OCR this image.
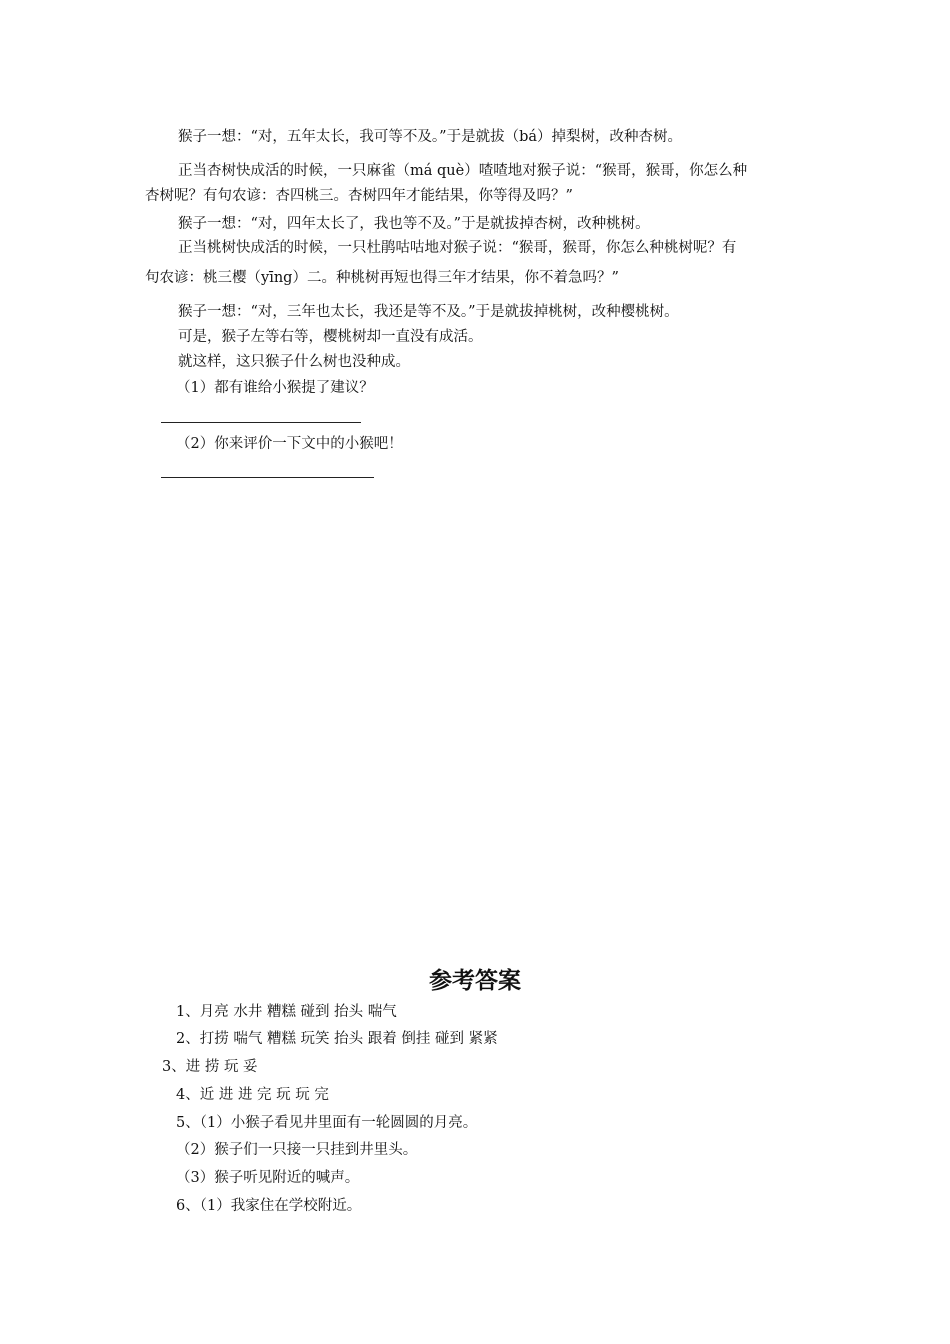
猴子一想：“对，五年太长，我可等不及。”于是就拔（bá）掉梨树，改种杏树。
正当杏树快成活的时候，一只麻雀（má què）喳喳地对猴子说：“猴哥，猴哥，你怎么种
杏树呢？有句农谚：杏四桃三。杏树四年才能结果，你等得及吗？”
猴子一想：“对，四年太长了，我也等不及。”于是就拔掉杏树，改种桃树。
正当桃树快成活的时候，一只杜鹃咕咕地对猴子说：“猴哥，猴哥，你怎么种桃树呢？有
句农谚：桃三樱（yīng）二。种桃树再短也得三年才结果，你不着急吗？”
猴子一想：“对，三年也太长，我还是等不及。”于是就拔掉桃树，改种樱桃树。
可是，猴子左等右等，樱桃树却一直没有成活。
就这样，这只猴子什么树也没种成。
（1）都有谁给小猴提了建议？
（2）你来评价一下文中的小猴吧！
参考答案
1、月亮 水井 糟糕 碰到 抬头 喘气
2、打捞 喘气 糟糕 玩笑 抬头 跟着 倒挂 碰到 紧紧
3、进 捞 玩 妥
4、近 进 进 完 玩 玩 完
5、（1）小猴子看见井里面有一轮圆圆的月亮。
（2）猴子们一只接一只挂到井里头。
（3）猴子听见附近的喊声。
6、（1）我家住在学校附近。
